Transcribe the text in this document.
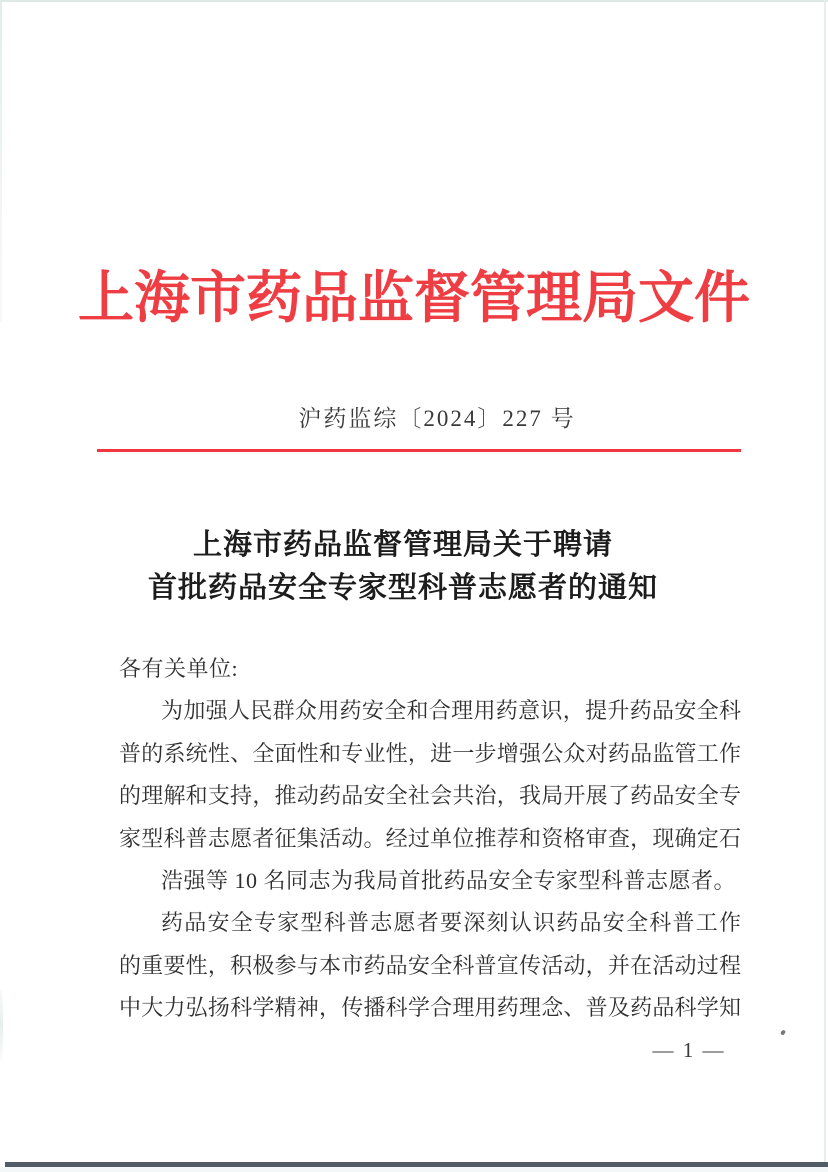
上海市药品监督管理局文件
沪药监综〔2024〕227 号
上海市药品监督管理局关于聘请
首批药品安全专家型科普志愿者的通知
各有关单位:
为加强人民群众用药安全和合理用药意识，提升药品安全科
普的系统性、全面性和专业性，进一步增强公众对药品监管工作
的理解和支持，推动药品安全社会共治，我局开展了药品安全专
家型科普志愿者征集活动。经过单位推荐和资格审查，现确定石
浩强等 10 名同志为我局首批药品安全专家型科普志愿者。
药品安全专家型科普志愿者要深刻认识药品安全科普工作
的重要性，积极参与本市药品安全科普宣传活动，并在活动过程
中大力弘扬科学精神，传播科学合理用药理念、普及药品科学知
— 1 —
